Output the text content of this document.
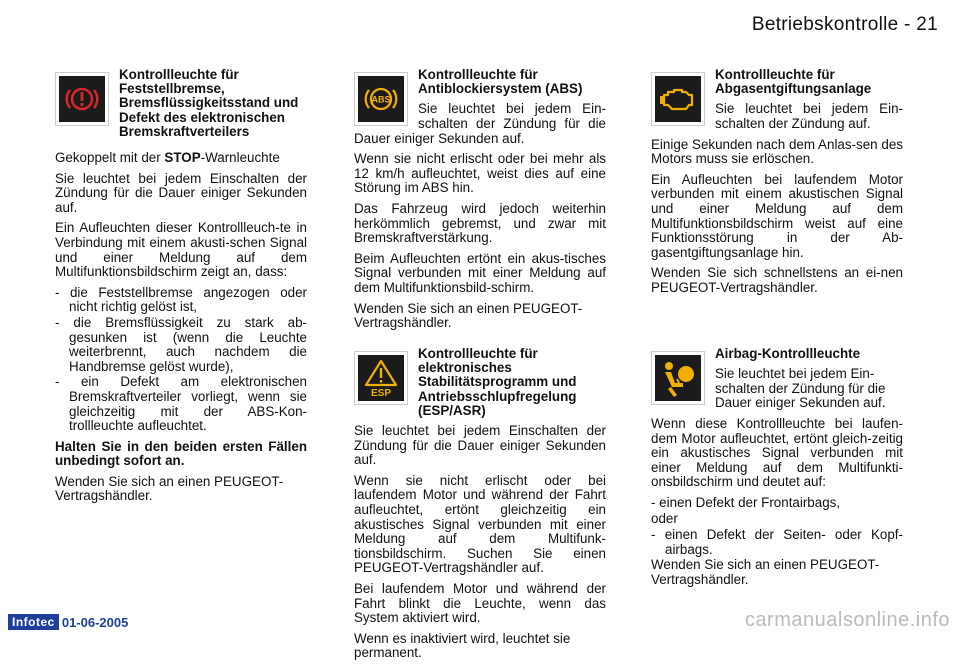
Betriebskontrolle - 21
Kontrollleuchte für Feststellbremse, Bremsflüssigkeitsstand und Defekt des elektronischen Bremskraftverteilers

Gekoppelt mit der STOP-Warnleuchte

Sie leuchtet bei jedem Einschalten der Zündung für die Dauer einiger Sekunden auf.

Ein Aufleuchten dieser Kontrollleuch-te in Verbindung mit einem akusti-schen Signal und einer Meldung auf dem Multifunktionsbildschirm zeigt an, dass:

- die Feststellbremse angezogen oder nicht richtig gelöst ist,
- die Bremsflüssigkeit zu stark ab-gesunken ist (wenn die Leuchte weiterbrennt, auch nachdem die Handbremse gelöst wurde),
- ein Defekt am elektronischen Bremskraftverteiler vorliegt, wenn sie gleichzeitig mit der ABS-Kon-trollleuchte aufleuchtet.

Halten Sie in den beiden ersten Fällen unbedingt sofort an.

Wenden Sie sich an einen PEUGEOT-Vertragshändler.

ABS
Kontrollleuchte für Antiblockiersystem (ABS)

Sie leuchtet bei jedem Ein-schalten der Zündung für die Dauer einiger Sekunden auf.

Wenn sie nicht erlischt oder bei mehr als 12 km/h aufleuchtet, weist dies auf eine Störung im ABS hin.

Das Fahrzeug wird jedoch weiterhin herkömmlich gebremst, und zwar mit Bremskraftverstärkung.

Beim Aufleuchten ertönt ein akus-tisches Signal verbunden mit einer Meldung auf dem Multifunktionsbild-schirm.

Wenden Sie sich an einen PEUGEOT-Vertragshändler.

ESP
Kontrollleuchte für elektronisches Stabilitätsprogramm und Antriebsschlupfregelung (ESP/ASR)

Sie leuchtet bei jedem Einschalten der Zündung für die Dauer einiger Sekunden auf.

Wenn sie nicht erlischt oder bei laufendem Motor und während der Fahrt aufleuchtet, ertönt gleichzeitig ein akustisches Signal verbunden mit einer Meldung auf dem Multifunk-tionsbildschirm. Suchen Sie einen PEUGEOT-Vertragshändler auf.

Bei laufendem Motor und während der Fahrt blinkt die Leuchte, wenn das System aktiviert wird.

Wenn es inaktiviert wird, leuchtet sie permanent.

Kontrollleuchte für Abgasentgiftungsanlage

Sie leuchtet bei jedem Ein-schalten der Zündung auf.

Einige Sekunden nach dem Anlas-sen des Motors muss sie erlöschen.

Ein Aufleuchten bei laufendem Motor verbunden mit einem akustischen Signal und einer Meldung auf dem Multifunktionsbildschirm weist auf eine Funktionsstörung in der Ab-gasentgiftungsanlage hin.

Wenden Sie sich schnellstens an ei-nen PEUGEOT-Vertragshändler.

Airbag-Kontrollleuchte

Sie leuchtet bei jedem Ein-schalten der Zündung für die Dauer einiger Sekunden auf.

Wenn diese Kontrollleuchte bei laufen-dem Motor aufleuchtet, ertönt gleich-zeitig ein akustisches Signal verbunden mit einer Meldung auf dem Multifunkti-onsbildschirm und deutet auf:

- einen Defekt der Frontairbags,

oder

- einen Defekt der Seiten- oder Kopf-airbags.

Wenden Sie sich an einen PEUGEOT-Vertragshändler.

Infotec 01-06-2005	carmanualsonline.info
